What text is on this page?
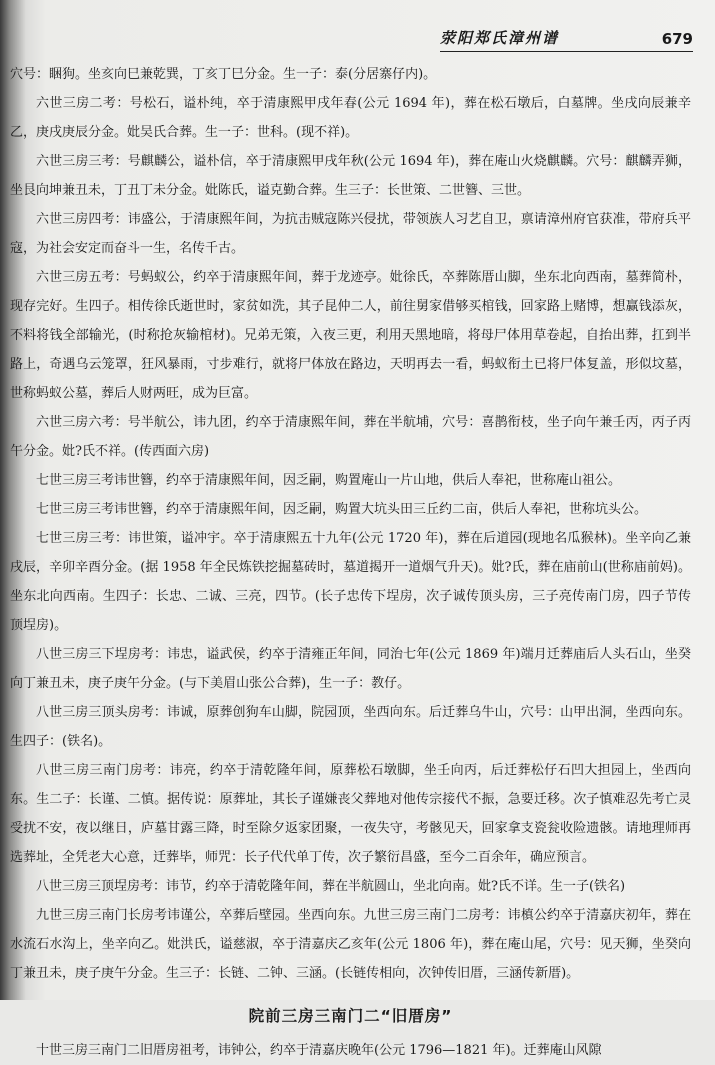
荥阳郑氏漳州谱	679

穴号：睏狗。坐亥向巳兼乾巽，丁亥丁巳分金。生一子：泰(分居寨仔内)。

六世三房二考：号松石，谥朴纯，卒于清康熙甲戌年春(公元 1694 年)，葬在松石墩后，白墓牌。坐戌向辰兼辛乙，庚戌庚辰分金。妣吴氏合葬。生一子：世科。(现不祥)。

六世三房三考：号麒麟公，谥朴信，卒于清康熙甲戌年秋(公元 1694 年)，葬在庵山火烧麒麟。穴号：麒麟弄狮，坐艮向坤兼丑未，丁丑丁未分金。妣陈氏，谥克勤合葬。生三子：长世策、二世簪、三世。

六世三房四考：讳盛公，于清康熙年间，为抗击贼寇陈兴侵扰，带领族人习艺自卫，禀请漳州府官获准，带府兵平寇，为社会安定而奋斗一生，名传千古。

六世三房五考：号蚂蚁公，约卒于清康熙年间，葬于龙迹亭。妣徐氏，卒葬陈厝山脚，坐东北向西南，墓葬简朴，现存完好。生四子。相传徐氏逝世时，家贫如洗，其子昆仲二人，前往舅家借够买棺钱，回家路上赌博，想赢钱添灰，不料将钱全部输光，(时称抢灰输棺材)。兄弟无策，入夜三更，利用天黑地暗，将母尸体用草卷起，自抬出葬，扛到半路上，奇遇乌云笼罩，狂风暴雨，寸步难行，就将尸体放在路边，天明再去一看，蚂蚁衔土已将尸体复盖，形似坟墓，世称蚂蚁公墓，葬后人财两旺，成为巨富。

六世三房六考：号半航公，讳九团，约卒于清康熙年间，葬在半航埔，穴号：喜鹊衔枝，坐子向午兼壬丙，丙子丙午分金。妣?氏不祥。(传西面六房)

七世三房三考讳世簪，约卒于清康熙年间，因乏嗣，购置庵山一片山地，供后人奉祀，世称庵山祖公。

七世三房三考讳世簪，约卒于清康熙年间，因乏嗣，购置大坑头田三丘约二亩，供后人奉祀，世称坑头公。

七世三房三考：讳世策，谥冲宇。卒于清康熙五十九年(公元 1720 年)，葬在后道园(现地名瓜猴林)。坐辛向乙兼戌辰，辛卯辛酉分金。(据 1958 年全民炼铁挖掘墓砖时，墓道揭开一道烟气升天)。妣?氏，葬在庙前山(世称庙前妈)。坐东北向西南。生四子：长忠、二诚、三亮，四节。(长子忠传下埕房，次子诚传顶头房，三子亮传南门房，四子节传顶埕房)。

八世三房三下埕房考：讳忠，谥武侯，约卒于清雍正年间，同治七年(公元 1869 年)端月迁葬庙后人头石山，坐癸向丁兼丑未，庚子庚午分金。(与下美眉山张公合葬)，生一子：教仔。

八世三房三顶头房考：讳诚，原葬创狗车山脚，院园顶，坐西向东。后迁葬乌牛山，穴号：山甲出洞，坐西向东。生四子：(铁名)。

八世三房三南门房考：讳亮，约卒于清乾隆年间，原葬松石墩脚，坐壬向丙，后迁葬松仔石凹大担园上，坐西向东。生二子：长谨、二慎。据传说：原葬址，其长子谨嫌丧父葬地对他传宗接代不振，急要迁移。次子慎难忍先考亡灵受扰不安，夜以继日，庐墓甘露三降，时至除夕返家团聚，一夜失守，考骸见天，回家拿支瓷瓮收险遗骸。请地理师再选葬址，全凭老大心意，迁葬毕，师咒：长子代代单丁传，次子繁衍昌盛，至今二百余年，确应预言。

八世三房三顶埕房考：讳节，约卒于清乾隆年间，葬在半航圆山，坐北向南。妣?氏不详。生一子(铁名)

九世三房三南门长房考讳谨公，卒葬后壁园。坐西向东。九世三房三南门二房考：讳槙公约卒于清嘉庆初年，葬在水流石水沟上，坐辛向乙。妣洪氏，谥慈淑，卒于清嘉庆乙亥年(公元 1806 年)，葬在庵山尾，穴号：见天狮，坐癸向丁兼丑未，庚子庚午分金。生三子：长链、二钟、三涵。(长链传相向，次钟传旧厝，三涵传新厝)。

院前三房三南门二“旧厝房”

十世三房三南门二旧厝房祖考，讳钟公，约卒于清嘉庆晚年(公元 1796—1821 年)。迁葬庵山风隙
